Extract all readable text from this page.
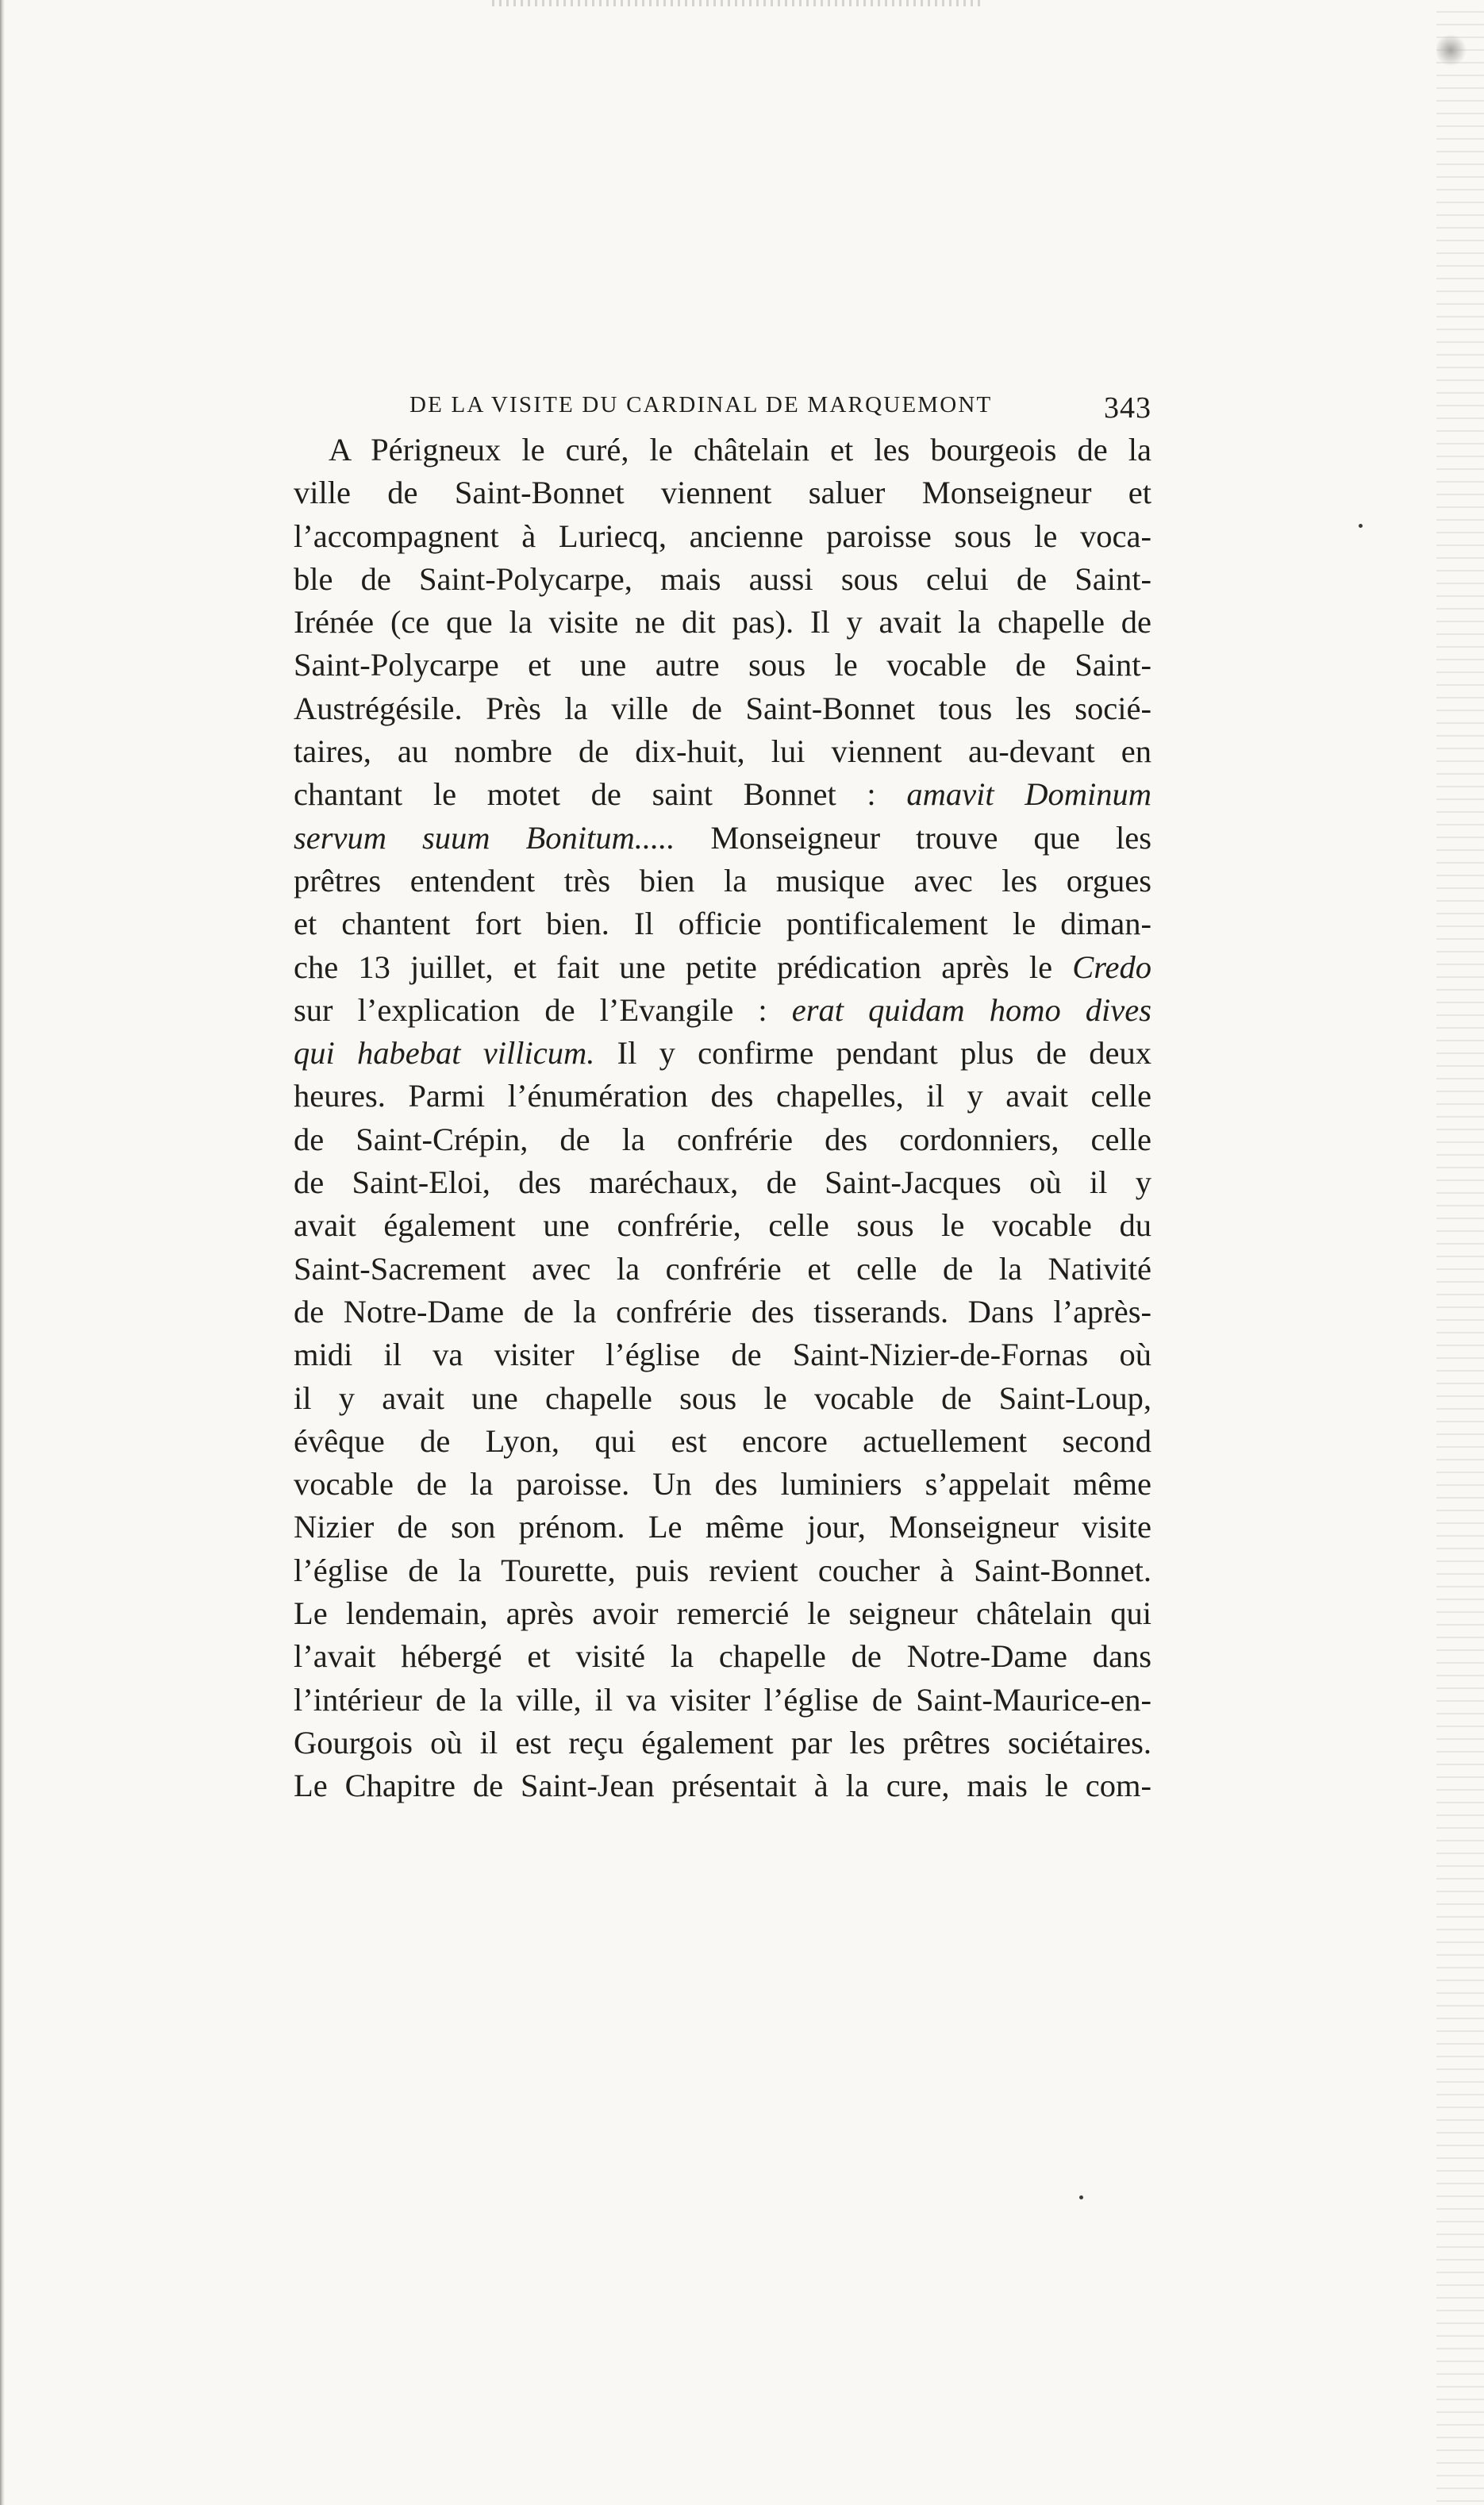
DE LA VISITE DU CARDINAL DE MARQUEMONT	343
A Périgneux le curé, le châtelain et les bourgeois de la
ville de Saint-Bonnet viennent saluer Monseigneur et
l’accompagnent à Luriecq, ancienne paroisse sous le voca-
ble de Saint-Polycarpe, mais aussi sous celui de Saint-
Irénée (ce que la visite ne dit pas). Il y avait la chapelle de
Saint-Polycarpe et une autre sous le vocable de Saint-
Austrégésile. Près la ville de Saint-Bonnet tous les socié-
taires, au nombre de dix-huit, lui viennent au-devant en
chantant le motet de saint Bonnet : amavit Dominum
servum suum Bonitum..... Monseigneur trouve que les
prêtres entendent très bien la musique avec les orgues
et chantent fort bien. Il officie pontificalement le diman-
che 13 juillet, et fait une petite prédication après le Credo
sur l’explication de l’Evangile : erat quidam homo dives
qui habebat villicum. Il y confirme pendant plus de deux
heures. Parmi l’énumération des chapelles, il y avait celle
de Saint-Crépin, de la confrérie des cordonniers, celle
de Saint-Eloi, des maréchaux, de Saint-Jacques où il y
avait également une confrérie, celle sous le vocable du
Saint-Sacrement avec la confrérie et celle de la Nativité
de Notre-Dame de la confrérie des tisserands. Dans l’après-
midi il va visiter l’église de Saint-Nizier-de-Fornas où
il y avait une chapelle sous le vocable de Saint-Loup,
évêque de Lyon, qui est encore actuellement second
vocable de la paroisse. Un des luminiers s’appelait même
Nizier de son prénom. Le même jour, Monseigneur visite
l’église de la Tourette, puis revient coucher à Saint-Bonnet.
Le lendemain, après avoir remercié le seigneur châtelain qui
l’avait hébergé et visité la chapelle de Notre-Dame dans
l’intérieur de la ville, il va visiter l’église de Saint-Maurice-en-
Gourgois où il est reçu également par les prêtres sociétaires.
Le Chapitre de Saint-Jean présentait à la cure, mais le com-
